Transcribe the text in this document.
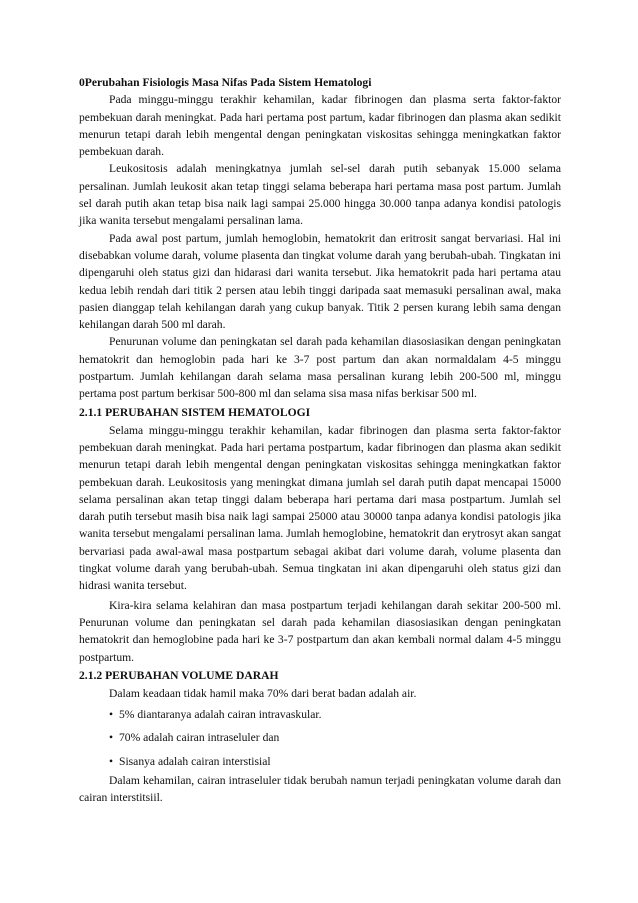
0Perubahan Fisiologis Masa Nifas Pada Sistem Hematologi

Pada minggu-minggu terakhir kehamilan, kadar fibrinogen dan plasma serta faktor-faktor pembekuan darah meningkat. Pada hari pertama post partum, kadar fibrinogen dan plasma akan sedikit menurun tetapi darah lebih mengental dengan peningkatan viskositas sehingga meningkatkan faktor pembekuan darah.

Leukositosis adalah meningkatnya jumlah sel-sel darah putih sebanyak 15.000 selama persalinan. Jumlah leukosit akan tetap tinggi selama beberapa hari pertama masa post partum. Jumlah sel darah putih akan tetap bisa naik lagi sampai 25.000 hingga 30.000 tanpa adanya kondisi patologis jika wanita tersebut mengalami persalinan lama.

Pada awal post partum, jumlah hemoglobin, hematokrit dan eritrosit sangat bervariasi. Hal ini disebabkan volume darah, volume plasenta dan tingkat volume darah yang berubah-ubah. Tingkatan ini dipengaruhi oleh status gizi dan hidarasi dari wanita tersebut. Jika hematokrit pada hari pertama atau kedua lebih rendah dari titik 2 persen atau lebih tinggi daripada saat memasuki persalinan awal, maka pasien dianggap telah kehilangan darah yang cukup banyak. Titik 2 persen kurang lebih sama dengan kehilangan darah 500 ml darah.

Penurunan volume dan peningkatan sel darah pada kehamilan diasosiasikan dengan peningkatan hematokrit dan hemoglobin pada hari ke 3-7 post partum dan akan normaldalam 4-5 minggu postpartum. Jumlah kehilangan darah selama masa persalinan kurang lebih 200-500 ml, minggu pertama post partum berkisar 500-800 ml dan selama sisa masa nifas berkisar 500 ml.

2.1.1 PERUBAHAN SISTEM HEMATOLOGI

Selama minggu-minggu terakhir kehamilan, kadar fibrinogen dan plasma serta faktor-faktor pembekuan darah meningkat. Pada hari pertama postpartum, kadar fibrinogen dan plasma akan sedikit menurun tetapi darah lebih mengental dengan peningkatan viskositas sehingga meningkatkan faktor pembekuan darah. Leukositosis yang meningkat dimana jumlah sel darah putih dapat mencapai 15000 selama persalinan akan tetap tinggi dalam beberapa hari pertama dari masa postpartum. Jumlah sel darah putih tersebut masih bisa naik lagi sampai 25000 atau 30000 tanpa adanya kondisi patologis jika wanita tersebut mengalami persalinan lama. Jumlah hemoglobine, hematokrit dan erytrosyt akan sangat bervariasi pada awal-awal masa postpartum sebagai akibat dari volume darah, volume plasenta dan tingkat volume darah yang berubah-ubah. Semua tingkatan ini akan dipengaruhi oleh status gizi dan hidrasi wanita tersebut.

Kira-kira selama kelahiran dan masa postpartum terjadi kehilangan darah sekitar 200-500 ml. Penurunan volume dan peningkatan sel darah pada kehamilan diasosiasikan dengan peningkatan hematokrit dan hemoglobine pada hari ke 3-7 postpartum dan akan kembali normal dalam 4-5 minggu postpartum.

2.1.2 PERUBAHAN VOLUME DARAH

Dalam keadaan tidak hamil maka 70% dari berat badan adalah air.

• 5% diantaranya adalah cairan intravaskular.
• 70% adalah cairan intraseluler dan
• Sisanya adalah cairan interstisial

Dalam kehamilan, cairan intraseluler tidak berubah namun terjadi peningkatan volume darah dan cairan interstitsiil.
